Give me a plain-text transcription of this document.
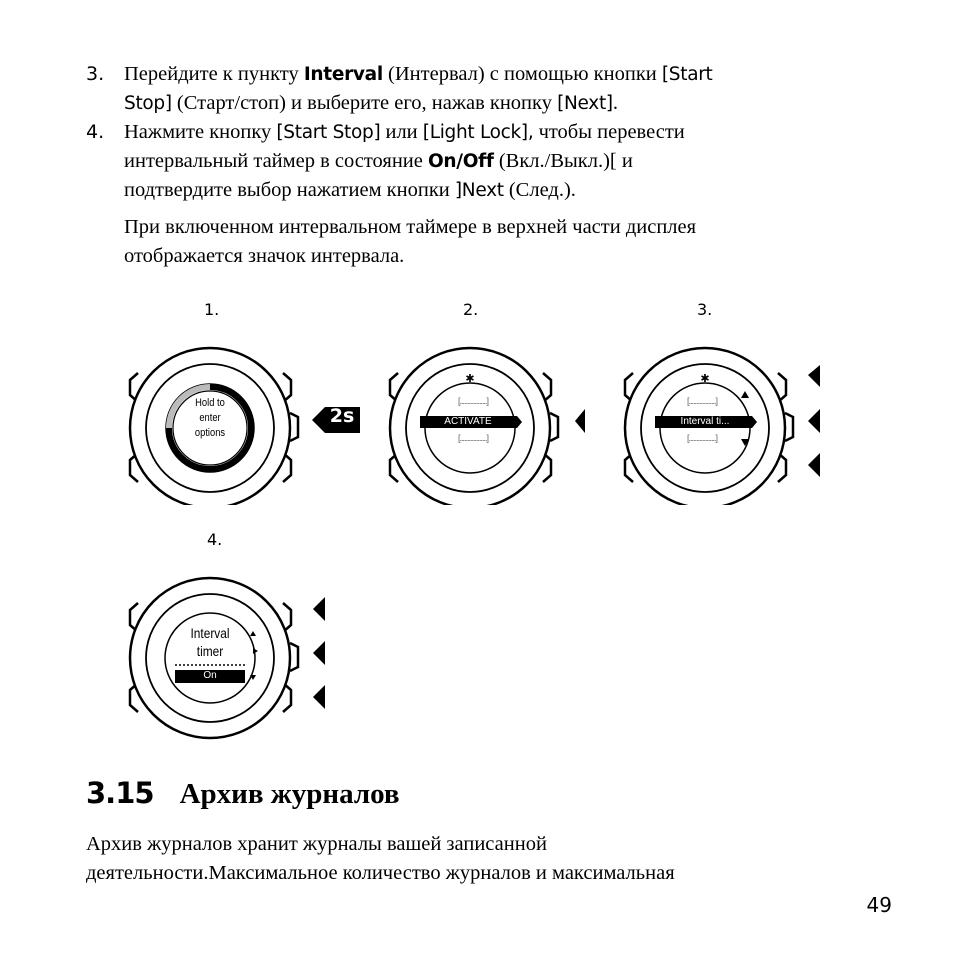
3. Перейдите к пункту Interval (Интервал) с помощью кнопки [Start
Stop] (Старт/стоп) и выберите его, нажав кнопку [Next].
4. Нажмите кнопку [Start Stop] или [Light Lock], чтобы перевести
интервальный таймер в состояние On/Off (Вкл./Выкл.)[ и
подтвердите выбор нажатием кнопки ]Next (След.).
При включенном интервальном таймере в верхней части дисплея
отображается значок интервала.
1.	2.	3.
4.
Hold to
enter
options
2s
✱
[..................]
ACTIVATE
[..................]
✱
[..................]
Interval ti...
[..................]
Interval
timer
On
3.15 Архив журналов
Архив журналов хранит журналы вашей записанной
деятельности.Максимальное количество журналов и максимальная
49
